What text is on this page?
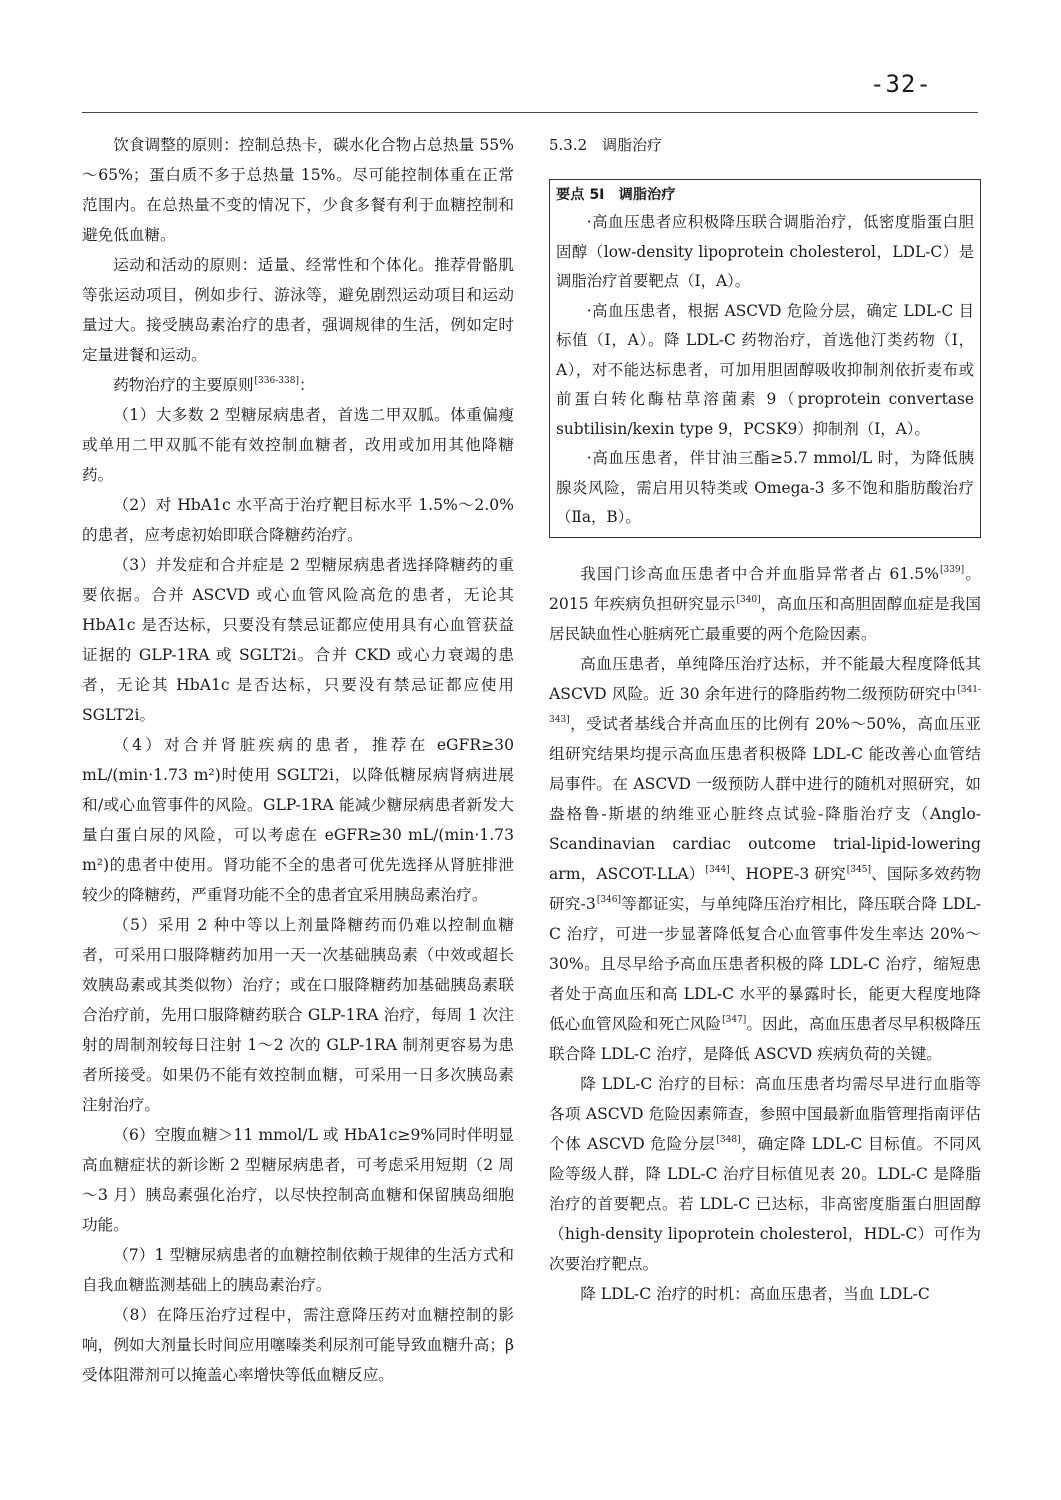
-32-

饮食调整的原则：控制总热卡，碳水化合物占总热量 55%～65%；蛋白质不多于总热量 15%。尽可能控制体重在正常范围内。在总热量不变的情况下，少食多餐有利于血糖控制和避免低血糖。

运动和活动的原则：适量、经常性和个体化。推荐骨骼肌等张运动项目，例如步行、游泳等，避免剧烈运动项目和运动量过大。接受胰岛素治疗的患者，强调规律的生活，例如定时定量进餐和运动。

药物治疗的主要原则[336-338]：

（1）大多数 2 型糖尿病患者，首选二甲双胍。体重偏瘦或单用二甲双胍不能有效控制血糖者，改用或加用其他降糖药。

（2）对 HbA1c 水平高于治疗靶目标水平 1.5%～2.0%的患者，应考虑初始即联合降糖药治疗。

（3）并发症和合并症是 2 型糖尿病患者选择降糖药的重要依据。合并 ASCVD 或心血管风险高危的患者，无论其 HbA1c 是否达标，只要没有禁忌证都应使用具有心血管获益证据的 GLP-1RA 或 SGLT2i。合并 CKD 或心力衰竭的患者，无论其 HbA1c 是否达标，只要没有禁忌证都应使用 SGLT2i。

（4）对合并肾脏疾病的患者，推荐在 eGFR≥30 mL/(min·1.73 m²)时使用 SGLT2i，以降低糖尿病肾病进展和/或心血管事件的风险。GLP-1RA 能减少糖尿病患者新发大量白蛋白尿的风险，可以考虑在 eGFR≥30 mL/(min·1.73 m²)的患者中使用。肾功能不全的患者可优先选择从肾脏排泄较少的降糖药，严重肾功能不全的患者宜采用胰岛素治疗。

（5）采用 2 种中等以上剂量降糖药而仍难以控制血糖者，可采用口服降糖药加用一天一次基础胰岛素（中效或超长效胰岛素或其类似物）治疗；或在口服降糖药加基础胰岛素联合治疗前，先用口服降糖药联合 GLP-1RA 治疗，每周 1 次注射的周制剂较每日注射 1～2 次的 GLP-1RA 制剂更容易为患者所接受。如果仍不能有效控制血糖，可采用一日多次胰岛素注射治疗。

（6）空腹血糖＞11 mmol/L 或 HbA1c≥9%同时伴明显高血糖症状的新诊断 2 型糖尿病患者，可考虑采用短期（2 周～3 月）胰岛素强化治疗，以尽快控制高血糖和保留胰岛细胞功能。

（7）1 型糖尿病患者的血糖控制依赖于规律的生活方式和自我血糖监测基础上的胰岛素治疗。

（8）在降压治疗过程中，需注意降压药对血糖控制的影响，例如大剂量长时间应用噻嗪类利尿剂可能导致血糖升高；β 受体阻滞剂可以掩盖心率增快等低血糖反应。

5.3.2　调脂治疗

要点 5I　调脂治疗

·高血压患者应积极降压联合调脂治疗，低密度脂蛋白胆固醇（low-density lipoprotein cholesterol，LDL-C）是调脂治疗首要靶点（Ⅰ，A）。

·高血压患者，根据 ASCVD 危险分层，确定 LDL-C 目标值（Ⅰ，A）。降 LDL-C 药物治疗，首选他汀类药物（Ⅰ，A），对不能达标患者，可加用胆固醇吸收抑制剂依折麦布或前蛋白转化酶枯草溶菌素 9（proprotein convertase subtilisin/kexin type 9，PCSK9）抑制剂（Ⅰ，A）。

·高血压患者，伴甘油三酯≥5.7 mmol/L 时，为降低胰腺炎风险，需启用贝特类或 Omega-3 多不饱和脂肪酸治疗（Ⅱa，B）。

我国门诊高血压患者中合并血脂异常者占 61.5%[339]。2015 年疾病负担研究显示[340]，高血压和高胆固醇血症是我国居民缺血性心脏病死亡最重要的两个危险因素。

高血压患者，单纯降压治疗达标，并不能最大程度降低其 ASCVD 风险。近 30 余年进行的降脂药物二级预防研究中[341-343]，受试者基线合并高血压的比例有 20%～50%，高血压亚组研究结果均提示高血压患者积极降 LDL-C 能改善心血管结局事件。在 ASCVD 一级预防人群中进行的随机对照研究，如盎格鲁-斯堪的纳维亚心脏终点试验-降脂治疗支（Anglo-Scandinavian cardiac outcome trial-lipid-lowering arm，ASCOT-LLA）[344]、HOPE-3 研究[345]、国际多效药物研究-3[346]等都证实，与单纯降压治疗相比，降压联合降 LDL-C 治疗，可进一步显著降低复合心血管事件发生率达 20%～30%。且尽早给予高血压患者积极的降 LDL-C 治疗，缩短患者处于高血压和高 LDL-C 水平的暴露时长，能更大程度地降低心血管风险和死亡风险[347]。因此，高血压患者尽早积极降压联合降 LDL-C 治疗，是降低 ASCVD 疾病负荷的关键。

降 LDL-C 治疗的目标：高血压患者均需尽早进行血脂等各项 ASCVD 危险因素筛查，参照中国最新血脂管理指南评估个体 ASCVD 危险分层[348]，确定降 LDL-C 目标值。不同风险等级人群，降 LDL-C 治疗目标值见表 20。LDL-C 是降脂治疗的首要靶点。若 LDL-C 已达标，非高密度脂蛋白胆固醇（high-density lipoprotein cholesterol，HDL-C）可作为次要治疗靶点。

降 LDL-C 治疗的时机：高血压患者，当血 LDL-C
